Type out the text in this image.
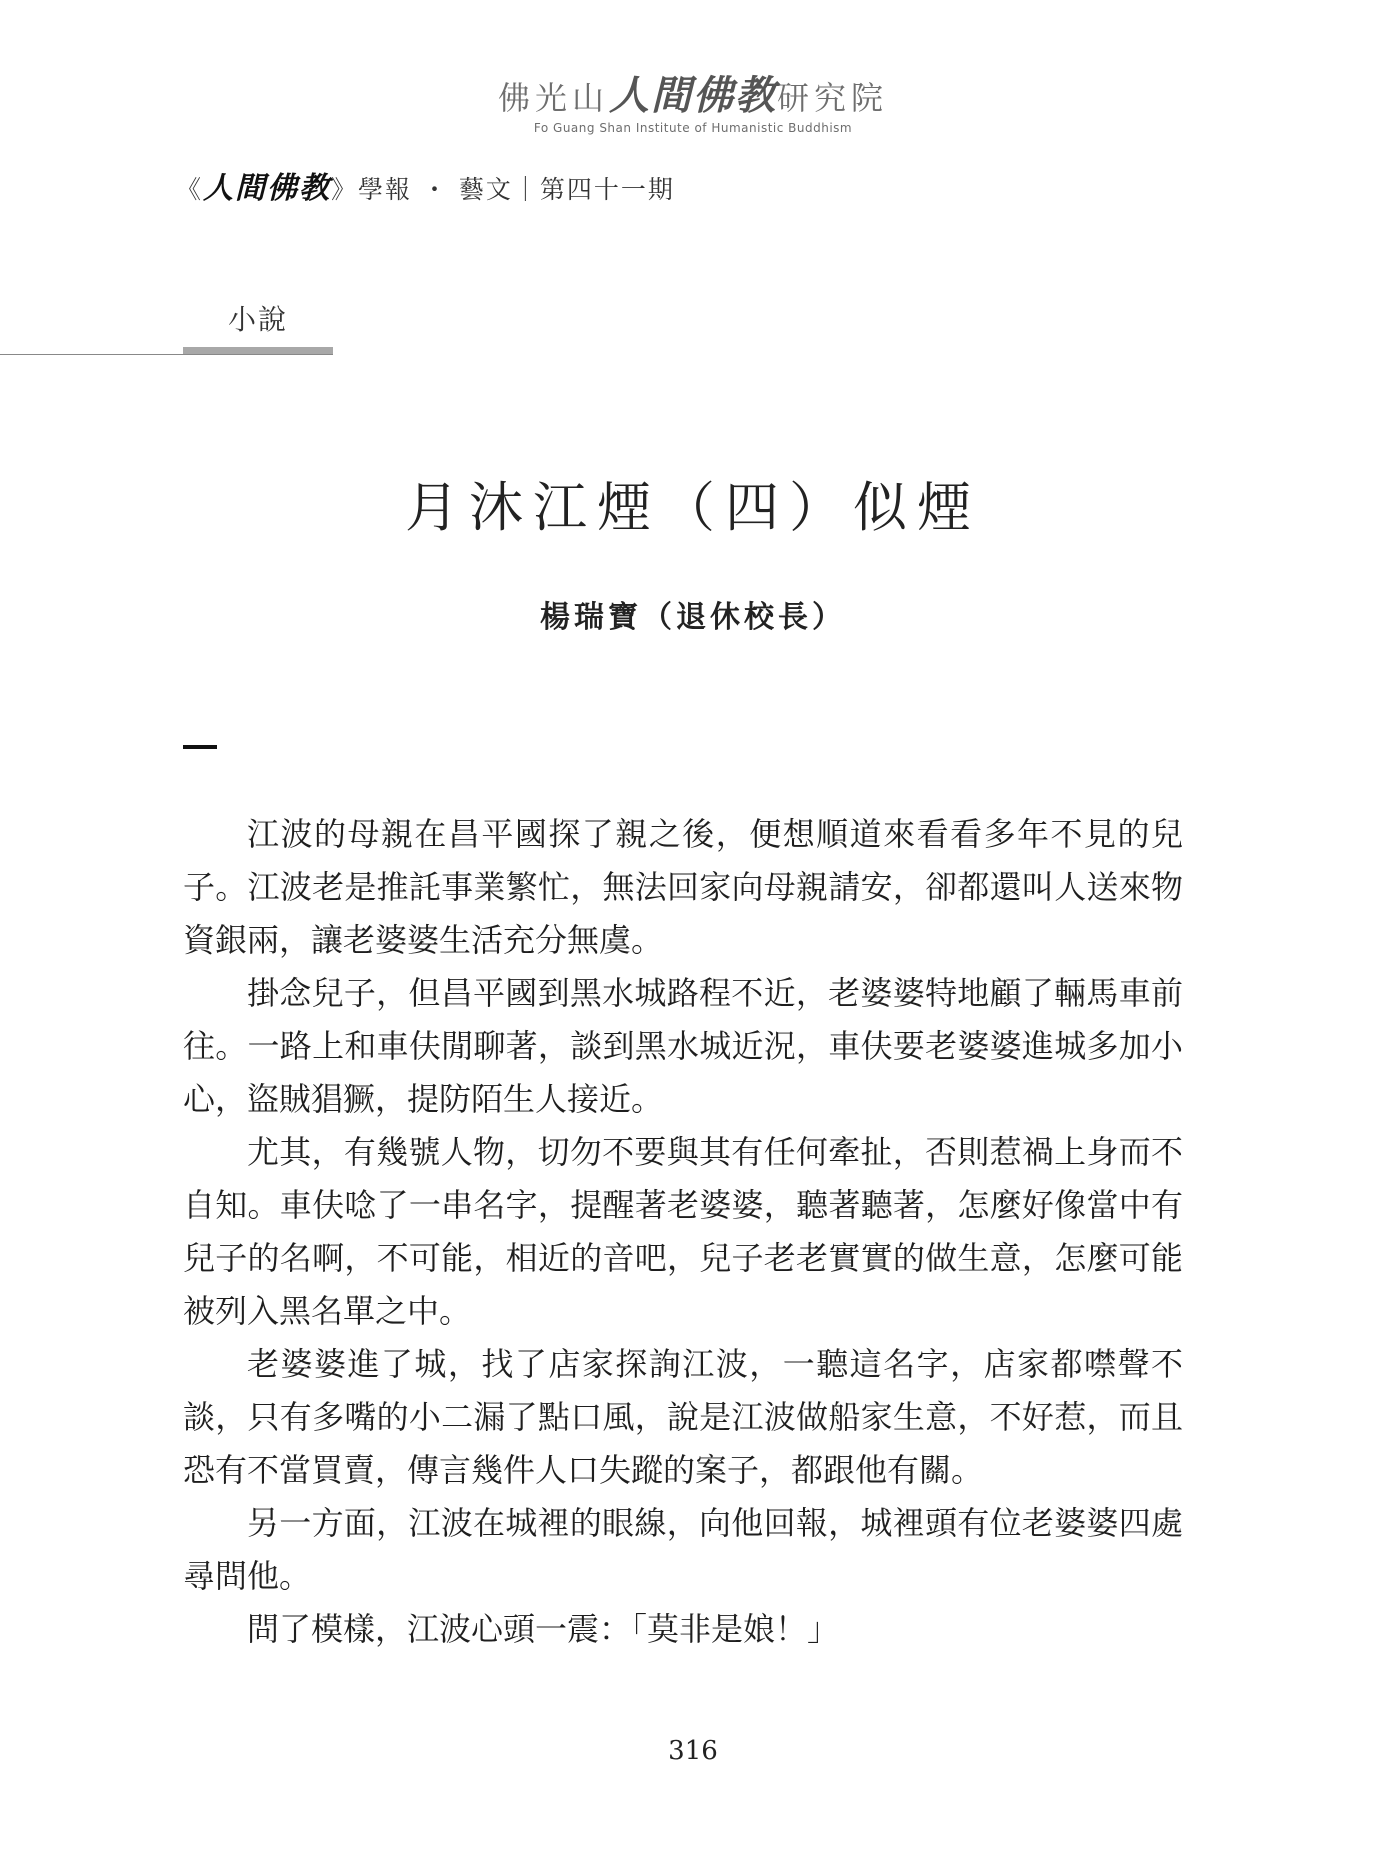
佛光山人間佛教研究院
Fo Guang Shan Institute of Humanistic Buddhism
《人間佛教》學報 ・ 藝文｜第四十一期
小說
月沐江煙（四）似煙
楊瑞寶（退休校長）

江波的母親在昌平國探了親之後，便想順道來看看多年不見的兒子。江波老是推託事業繁忙，無法回家向母親請安，卻都還叫人送來物資銀兩，讓老婆婆生活充分無虞。

掛念兒子，但昌平國到黑水城路程不近，老婆婆特地顧了輛馬車前往。一路上和車伕閒聊著，談到黑水城近況，車伕要老婆婆進城多加小心，盜賊猖獗，提防陌生人接近。

尤其，有幾號人物，切勿不要與其有任何牽扯，否則惹禍上身而不自知。車伕唸了一串名字，提醒著老婆婆，聽著聽著，怎麼好像當中有兒子的名啊，不可能，相近的音吧，兒子老老實實的做生意，怎麼可能被列入黑名單之中。

老婆婆進了城，找了店家探詢江波，一聽這名字，店家都噤聲不談，只有多嘴的小二漏了點口風，說是江波做船家生意，不好惹，而且恐有不當買賣，傳言幾件人口失蹤的案子，都跟他有關。

另一方面，江波在城裡的眼線，向他回報，城裡頭有位老婆婆四處尋問他。

問了模樣，江波心頭一震：「莫非是娘！」

316
